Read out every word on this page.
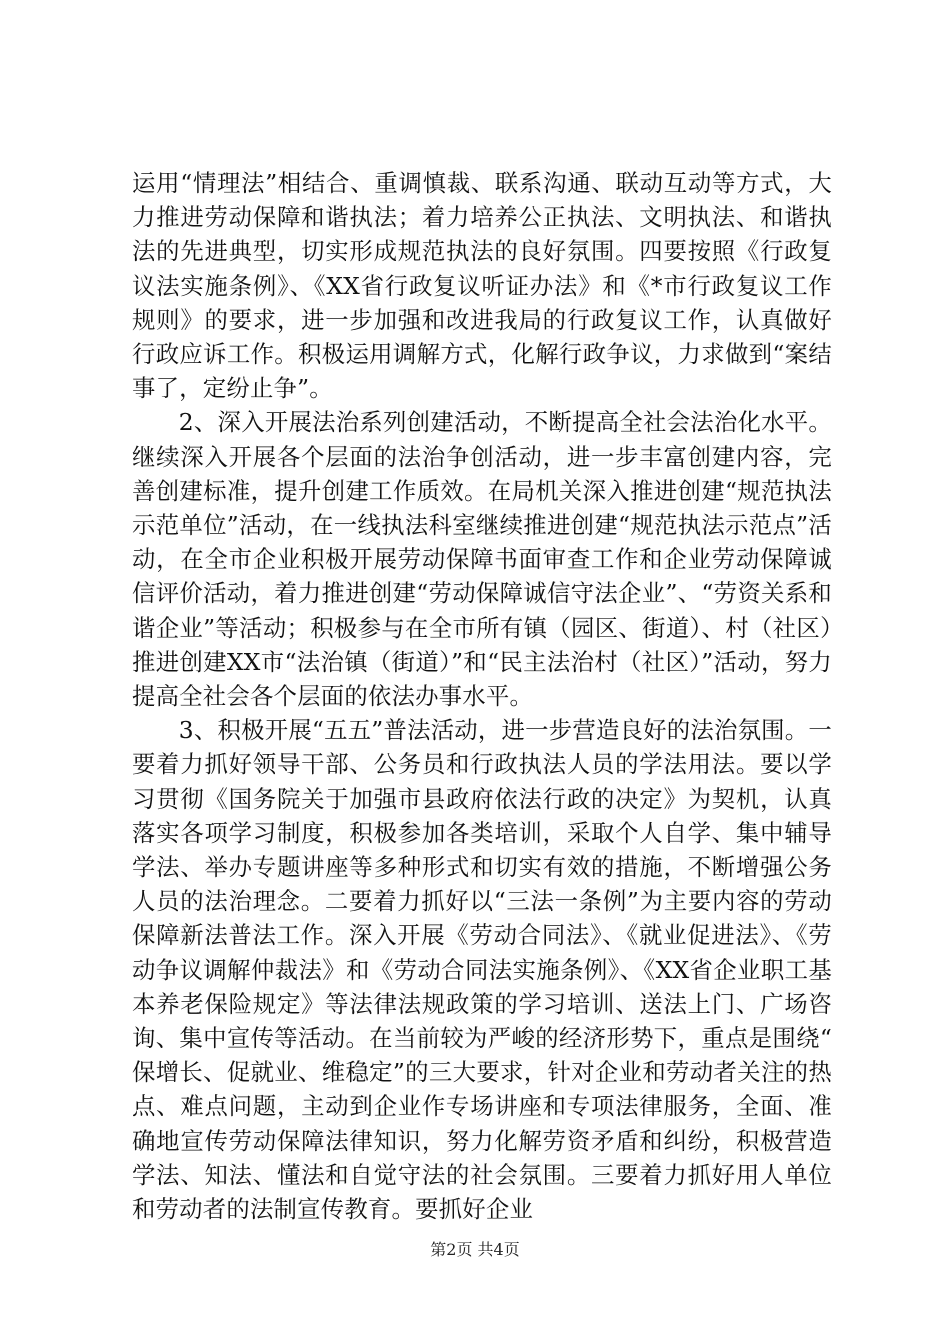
运用“情理法”相结合、重调慎裁、联系沟通、联动互动等方式，大力推进劳动保障和谐执法；着力培养公正执法、文明执法、和谐执法的先进典型，切实形成规范执法的良好氛围。四要按照《行政复议法实施条例》、《XX省行政复议听证办法》和《*市行政复议工作规则》的要求，进一步加强和改进我局的行政复议工作，认真做好行政应诉工作。积极运用调解方式，化解行政争议，力求做到“案结事了，定纷止争”。

2、深入开展法治系列创建活动，不断提高全社会法治化水平。继续深入开展各个层面的法治争创活动，进一步丰富创建内容，完善创建标准，提升创建工作质效。在局机关深入推进创建“规范执法示范单位”活动，在一线执法科室继续推进创建“规范执法示范点”活动，在全市企业积极开展劳动保障书面审查工作和企业劳动保障诚信评价活动，着力推进创建“劳动保障诚信守法企业”、“劳资关系和谐企业”等活动；积极参与在全市所有镇（园区、街道）、村（社区）推进创建XX市“法治镇（街道）”和“民主法治村（社区）”活动，努力提高全社会各个层面的依法办事水平。

3、积极开展“五五”普法活动，进一步营造良好的法治氛围。一要着力抓好领导干部、公务员和行政执法人员的学法用法。要以学习贯彻《国务院关于加强市县政府依法行政的决定》为契机，认真落实各项学习制度，积极参加各类培训，采取个人自学、集中辅导学法、举办专题讲座等多种形式和切实有效的措施，不断增强公务人员的法治理念。二要着力抓好以“三法一条例”为主要内容的劳动保障新法普法工作。深入开展《劳动合同法》、《就业促进法》、《劳动争议调解仲裁法》和《劳动合同法实施条例》、《XX省企业职工基本养老保险规定》等法律法规政策的学习培训、送法上门、广场咨询、集中宣传等活动。在当前较为严峻的经济形势下，重点是围绕“保增长、促就业、维稳定”的三大要求，针对企业和劳动者关注的热点、难点问题，主动到企业作专场讲座和专项法律服务，全面、准确地宣传劳动保障法律知识，努力化解劳资矛盾和纠纷，积极营造学法、知法、懂法和自觉守法的社会氛围。三要着力抓好用人单位和劳动者的法制宣传教育。要抓好企业

第2页 共4页
